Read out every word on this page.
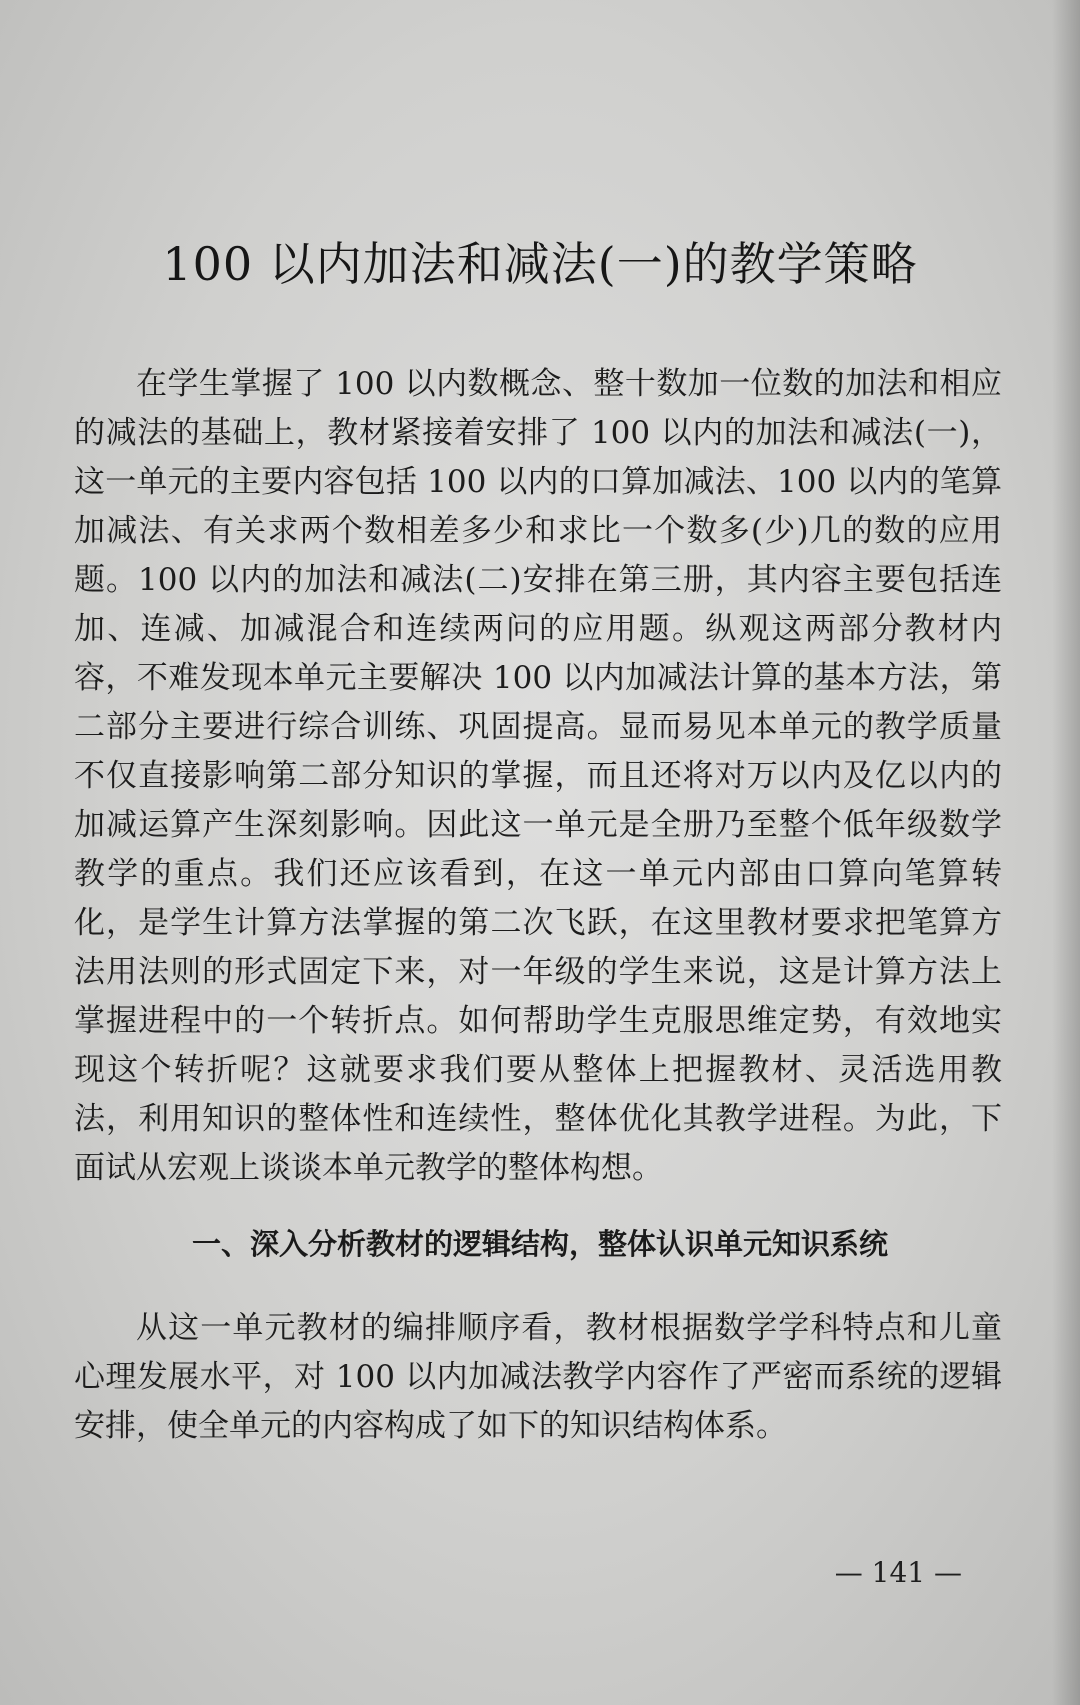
100 以内加法和减法(一)的教学策略

在学生掌握了 100 以内数概念、整十数加一位数的加法和相应的减法的基础上，教材紧接着安排了 100 以内的加法和减法(一)，这一单元的主要内容包括 100 以内的口算加减法、100 以内的笔算加减法、有关求两个数相差多少和求比一个数多(少)几的数的应用题。100 以内的加法和减法(二)安排在第三册，其内容主要包括连加、连减、加减混合和连续两问的应用题。纵观这两部分教材内容，不难发现本单元主要解决 100 以内加减法计算的基本方法，第二部分主要进行综合训练、巩固提高。显而易见本单元的教学质量不仅直接影响第二部分知识的掌握，而且还将对万以内及亿以内的加减运算产生深刻影响。因此这一单元是全册乃至整个低年级数学教学的重点。我们还应该看到，在这一单元内部由口算向笔算转化，是学生计算方法掌握的第二次飞跃，在这里教材要求把笔算方法用法则的形式固定下来，对一年级的学生来说，这是计算方法上掌握进程中的一个转折点。如何帮助学生克服思维定势，有效地实现这个转折呢？这就要求我们要从整体上把握教材、灵活选用教法，利用知识的整体性和连续性，整体优化其教学进程。为此，下面试从宏观上谈谈本单元教学的整体构想。

一、深入分析教材的逻辑结构，整体认识单元知识系统

从这一单元教材的编排顺序看，教材根据数学学科特点和儿童心理发展水平，对 100 以内加减法教学内容作了严密而系统的逻辑安排，使全单元的内容构成了如下的知识结构体系。

— 141 —
